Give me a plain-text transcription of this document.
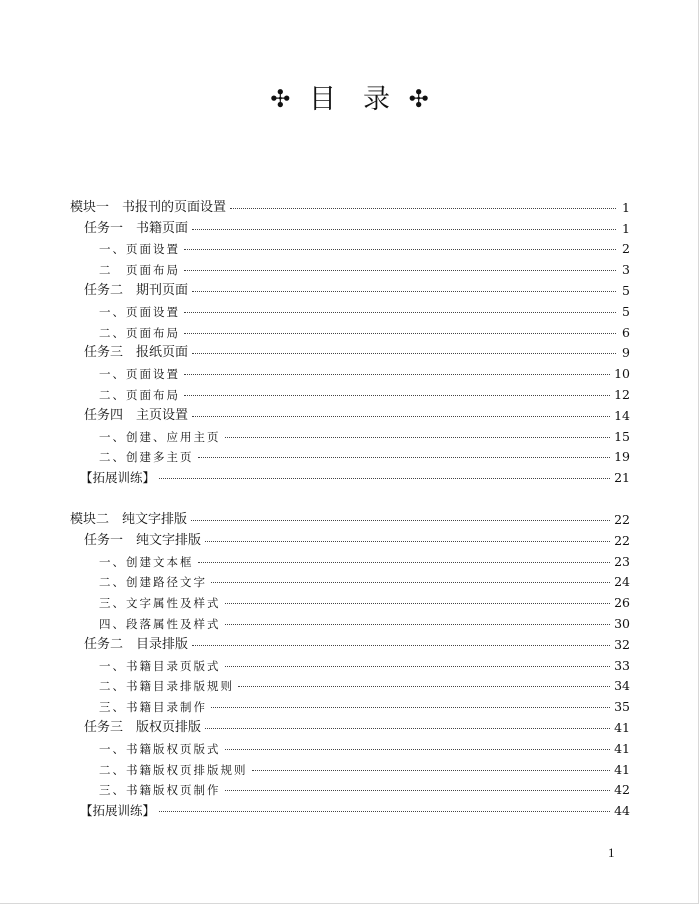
✣ 目　录 ✣
模块一　书报刊的页面设置	1
任务一　书籍页面	1
一、页面设置	2
二　页面布局	3
任务二　期刊页面	5
一、页面设置	5
二、页面布局	6
任务三　报纸页面	9
一、页面设置	10
二、页面布局	12
任务四　主页设置	14
一、创建、应用主页	15
二、创建多主页	19
【拓展训练】	21
模块二　纯文字排版	22
任务一　纯文字排版	22
一、创建文本框	23
二、创建路径文字	24
三、文字属性及样式	26
四、段落属性及样式	30
任务二　目录排版	32
一、书籍目录页版式	33
二、书籍目录排版规则	34
三、书籍目录制作	35
任务三　版权页排版	41
一、书籍版权页版式	41
二、书籍版权页排版规则	41
三、书籍版权页制作	42
【拓展训练】	44
1
